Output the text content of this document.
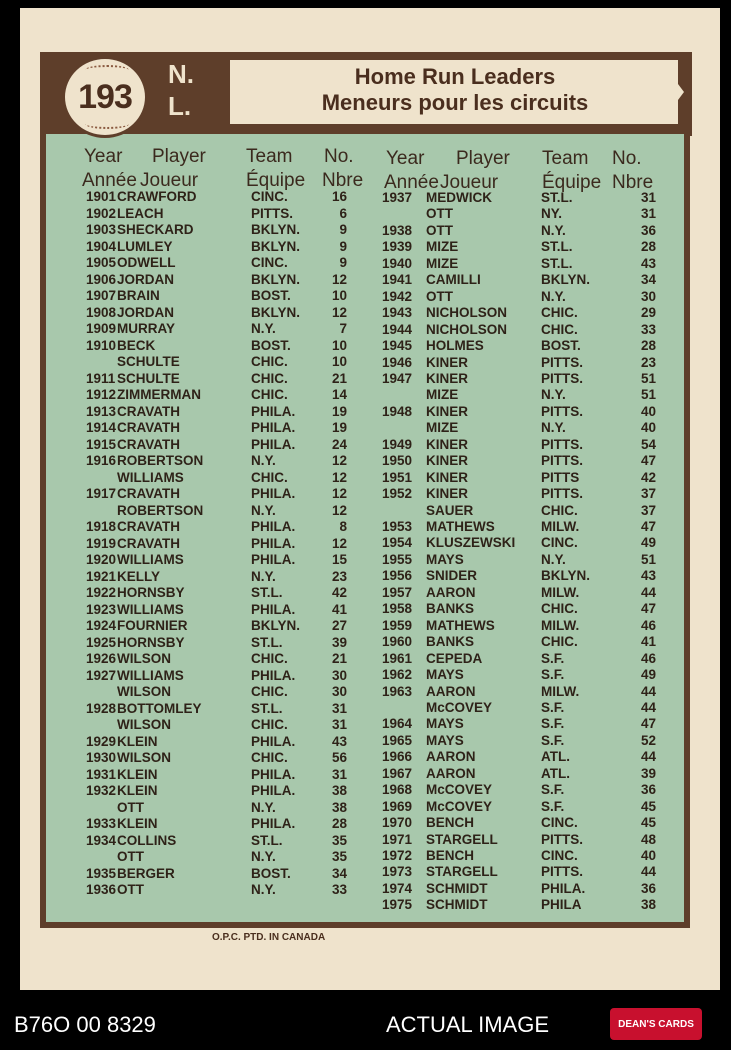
193
N.
L.
Home Run Leaders
Meneurs pour les circuits
Year Player Team No.
Année Joueur	Équipe Nbre
Year Player Team No.
Année Joueur Équipe Nbre
1901 CRAWFORD	CINC.	16
1902 LEACH	PITTS.	6
1903 SHECKARD	BKLYN.	9
1904 LUMLEY	BKLYN.	9
1905 ODWELL	CINC.	9
1906 JORDAN	BKLYN.	12
1907 BRAIN	BOST.	10
1908 JORDAN	BKLYN.	12
1909 MURRAY	N.Y.	7
1910 BECK	BOST.	10
SCHULTE	CHIC.	10
1911 SCHULTE	CHIC.	21
1912 ZIMMERMAN	CHIC.	14
1913 CRAVATH	PHILA.	19
1914 CRAVATH	PHILA.	19
1915 CRAVATH	PHILA.	24
1916 ROBERTSON	N.Y.	12
WILLIAMS	CHIC.	12
1917 CRAVATH	PHILA.	12
ROBERTSON	N.Y.	12
1918 CRAVATH	PHILA.	8
1919 CRAVATH	PHILA.	12
1920 WILLIAMS	PHILA.	15
1921 KELLY	N.Y.	23
1922 HORNSBY	ST.L.	42
1923 WILLIAMS	PHILA.	41
1924 FOURNIER	BKLYN.	27
1925 HORNSBY	ST.L.	39
1926 WILSON	CHIC.	21
1927 WILLIAMS	PHILA.	30
WILSON	CHIC.	30
1928 BOTTOMLEY	ST.L.	31
WILSON	CHIC.	31
1929 KLEIN	PHILA.	43
1930 WILSON	CHIC.	56
1931 KLEIN	PHILA.	31
1932 KLEIN	PHILA.	38
OTT	N.Y.	38
1933 KLEIN	PHILA.	28
1934 COLLINS	ST.L.	35
OTT	N.Y.	35
1935 BERGER	BOST.	34
1936 OTT	N.Y.	33
1937 MEDWICK	ST.L.	31
OTT	NY.	31
1938 OTT	N.Y.	36
1939 MIZE	ST.L.	28
1940 MIZE	ST.L.	43
1941 CAMILLI	BKLYN.	34
1942 OTT	N.Y.	30
1943 NICHOLSON	CHIC.	29
1944 NICHOLSON	CHIC.	33
1945 HOLMES	BOST.	28
1946 KINER	PITTS.	23
1947 KINER	PITTS.	51
MIZE	N.Y.	51
1948 KINER	PITTS.	40
MIZE	N.Y.	40
1949 KINER	PITTS.	54
1950 KINER	PITTS.	47
1951 KINER	PITTS	42
1952 KINER	PITTS.	37
SAUER	CHIC.	37
1953 MATHEWS	MILW.	47
1954 KLUSZEWSKI CINC.	49
1955 MAYS	N.Y.	51
1956 SNIDER	BKLYN.	43
1957 AARON	MILW.	44
1958 BANKS	CHIC.	47
1959 MATHEWS	MILW.	46
1960 BANKS	CHIC.	41
1961 CEPEDA	S.F.	46
1962 MAYS	S.F.	49
1963 AARON	MILW.	44
McCOVEY	S.F.	44
1964 MAYS	S.F.	47
1965 MAYS	S.F.	52
1966 AARON	ATL.	44
1967 AARON	ATL.	39
1968 McCOVEY	S.F.	36
1969 McCOVEY	S.F.	45
1970 BENCH	CINC.	45
1971 STARGELL	PITTS.	48
1972 BENCH	CINC.	40
1973 STARGELL	PITTS.	44
1974 SCHMIDT	PHILA.	36
1975 SCHMIDT	PHILA	38
O.P.C. PTD. IN CANADA
B76O 00 8329	ACTUAL IMAGE	DEAN'S CARDS
